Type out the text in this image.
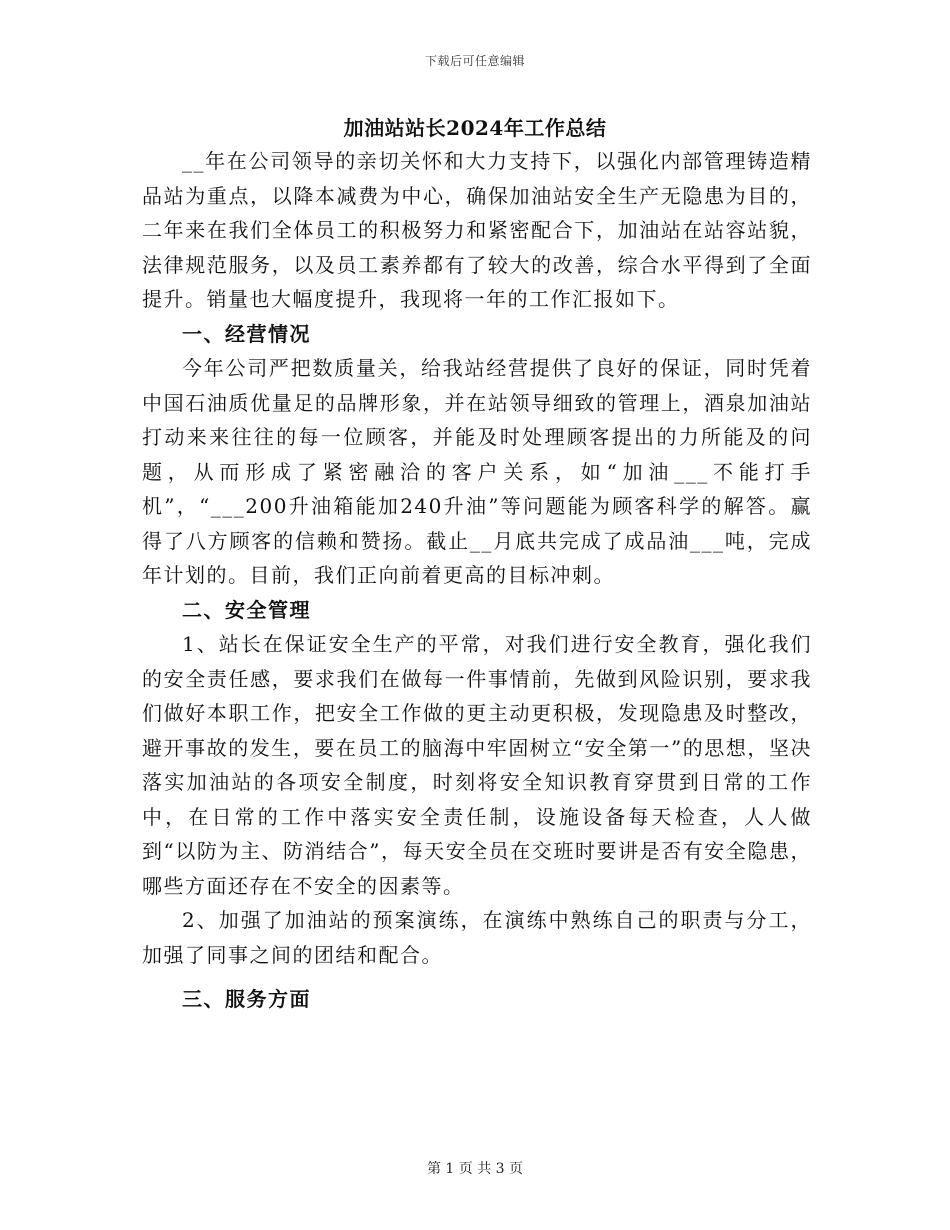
下载后可任意编辑
加油站站长2024年工作总结

__年在公司领导的亲切关怀和大力支持下，以强化内部管理铸造精品站为重点，以降本减费为中心，确保加油站安全生产无隐患为目的，二年来在我们全体员工的积极努力和紧密配合下，加油站在站容站貌，法律规范服务，以及员工素养都有了较大的改善，综合水平得到了全面提升。销量也大幅度提升，我现将一年的工作汇报如下。

一、经营情况

今年公司严把数质量关，给我站经营提供了良好的保证，同时凭着中国石油质优量足的品牌形象，并在站领导细致的管理上，酒泉加油站打动来来往往的每一位顾客，并能及时处理顾客提出的力所能及的问题，从而形成了紧密融洽的客户关系，如“加油___不能打手机”，“___200升油箱能加240升油”等问题能为顾客科学的解答。赢得了八方顾客的信赖和赞扬。截止__月底共完成了成品油___吨，完成年计划的。目前，我们正向前着更高的目标冲刺。

二、安全管理

1、站长在保证安全生产的平常，对我们进行安全教育，强化我们的安全责任感，要求我们在做每一件事情前，先做到风险识别，要求我们做好本职工作，把安全工作做的更主动更积极，发现隐患及时整改，避开事故的发生，要在员工的脑海中牢固树立“安全第一”的思想，坚决落实加油站的各项安全制度，时刻将安全知识教育穿贯到日常的工作中，在日常的工作中落实安全责任制，设施设备每天检查，人人做到“以防为主、防消结合”，每天安全员在交班时要讲是否有安全隐患，哪些方面还存在不安全的因素等。

2、加强了加油站的预案演练，在演练中熟练自己的职责与分工，加强了同事之间的团结和配合。

三、服务方面

第 1 页 共 3 页
